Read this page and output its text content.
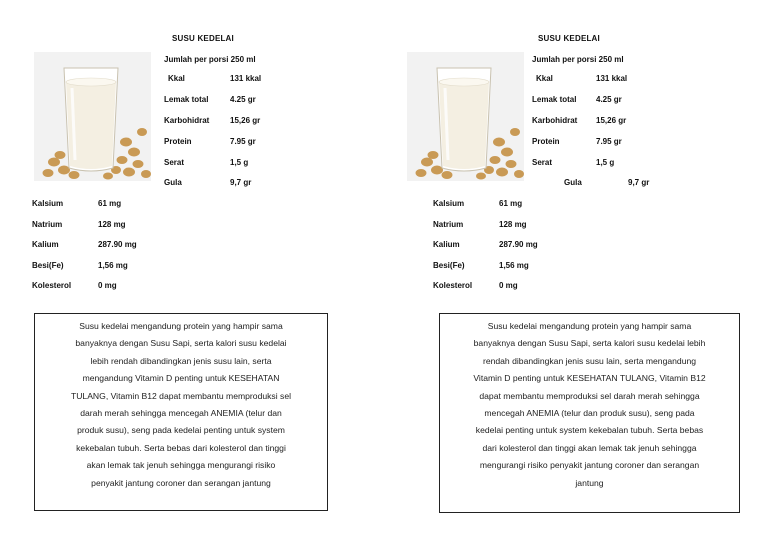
SUSU KEDELAI
Jumlah per porsi 250 ml
Kkal	131 kkal
Lemak total	4.25 gr
Karbohidrat	15,26 gr
Protein	7.95 gr
Serat	1,5 g
Gula	9,7 gr
Kalsium	61 mg
Natrium	128 mg
Kalium	287.90 mg
Besi(Fe)	1,56 mg
Kolesterol	0 mg
Susu kedelai mengandung protein yang hampir sama
banyaknya dengan Susu Sapi, serta kalori susu kedelai
lebih rendah dibandingkan jenis susu lain, serta
mengandung Vitamin D penting untuk KESEHATAN
TULANG, Vitamin B12 dapat membantu memproduksi sel
darah merah sehingga mencegah ANEMIA (telur dan
produk susu), seng pada kedelai penting untuk system
kekebalan tubuh. Serta bebas dari kolesterol dan tinggi
akan lemak tak jenuh sehingga mengurangi risiko
penyakit jantung coroner dan serangan jantung
SUSU KEDELAI
Jumlah per porsi 250 ml
Kkal	131 kkal
Lemak total 4.25 gr
Karbohidrat 15,26 gr
Protein	7.95 gr
Serat	1,5 g
Gula	9,7 gr
Kalsium	61 mg
Natrium	128 mg
Kalium	287.90 mg
Besi(Fe)	1,56 mg
Kolesterol	0 mg
Susu kedelai mengandung protein yang hampir sama
banyaknya dengan Susu Sapi, serta kalori susu kedelai lebih
rendah dibandingkan jenis susu lain, serta mengandung
Vitamin D penting untuk KESEHATAN TULANG, Vitamin B12
dapat membantu memproduksi sel darah merah sehingga
mencegah ANEMIA (telur dan produk susu), seng pada
kedelai penting untuk system kekebalan tubuh. Serta bebas
dari kolesterol dan tinggi akan lemak tak jenuh sehingga
mengurangi risiko penyakit jantung coroner dan serangan
jantung
